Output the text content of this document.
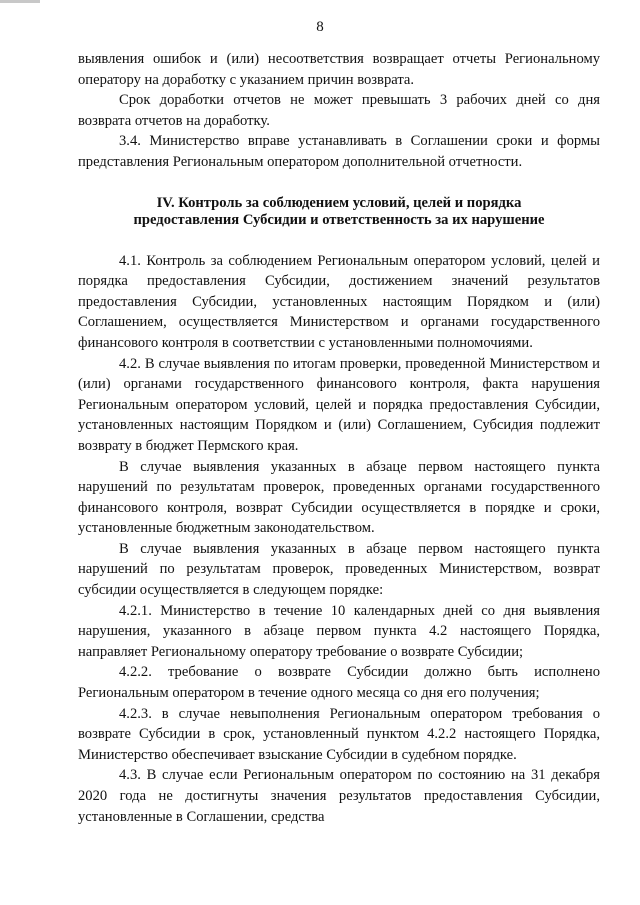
8

выявления ошибок и (или) несоответствия возвращает отчеты Региональному оператору на доработку с указанием причин возврата.

Срок доработки отчетов не может превышать 3 рабочих дней со дня возврата отчетов на доработку.

3.4. Министерство вправе устанавливать в Соглашении сроки и формы представления Региональным оператором дополнительной отчетности.

IV. Контроль за соблюдением условий, целей и порядка
предоставления Субсидии и ответственность за их нарушение

4.1. Контроль за соблюдением Региональным оператором условий, целей и порядка предоставления Субсидии, достижением значений результатов предоставления Субсидии, установленных настоящим Порядком и (или) Соглашением, осуществляется Министерством и органами государственного финансового контроля в соответствии с установленными полномочиями.

4.2. В случае выявления по итогам проверки, проведенной Министерством и (или) органами государственного финансового контроля, факта нарушения Региональным оператором условий, целей и порядка предоставления Субсидии, установленных настоящим Порядком и (или) Соглашением, Субсидия подлежит возврату в бюджет Пермского края.

В случае выявления указанных в абзаце первом настоящего пункта нарушений по результатам проверок, проведенных органами государственного финансового контроля, возврат Субсидии осуществляется в порядке и сроки, установленные бюджетным законодательством.

В случае выявления указанных в абзаце первом настоящего пункта нарушений по результатам проверок, проведенных Министерством, возврат субсидии осуществляется в следующем порядке:

4.2.1. Министерство в течение 10 календарных дней со дня выявления нарушения, указанного в абзаце первом пункта 4.2 настоящего Порядка, направляет Региональному оператору требование о возврате Субсидии;

4.2.2. требование о возврате Субсидии должно быть исполнено Региональным оператором в течение одного месяца со дня его получения;

4.2.3. в случае невыполнения Региональным оператором требования о возврате Субсидии в срок, установленный пунктом 4.2.2 настоящего Порядка, Министерство обеспечивает взыскание Субсидии в судебном порядке.

4.3. В случае если Региональным оператором по состоянию на 31 декабря 2020 года не достигнуты значения результатов предоставления Субсидии, установленные в Соглашении, средства
